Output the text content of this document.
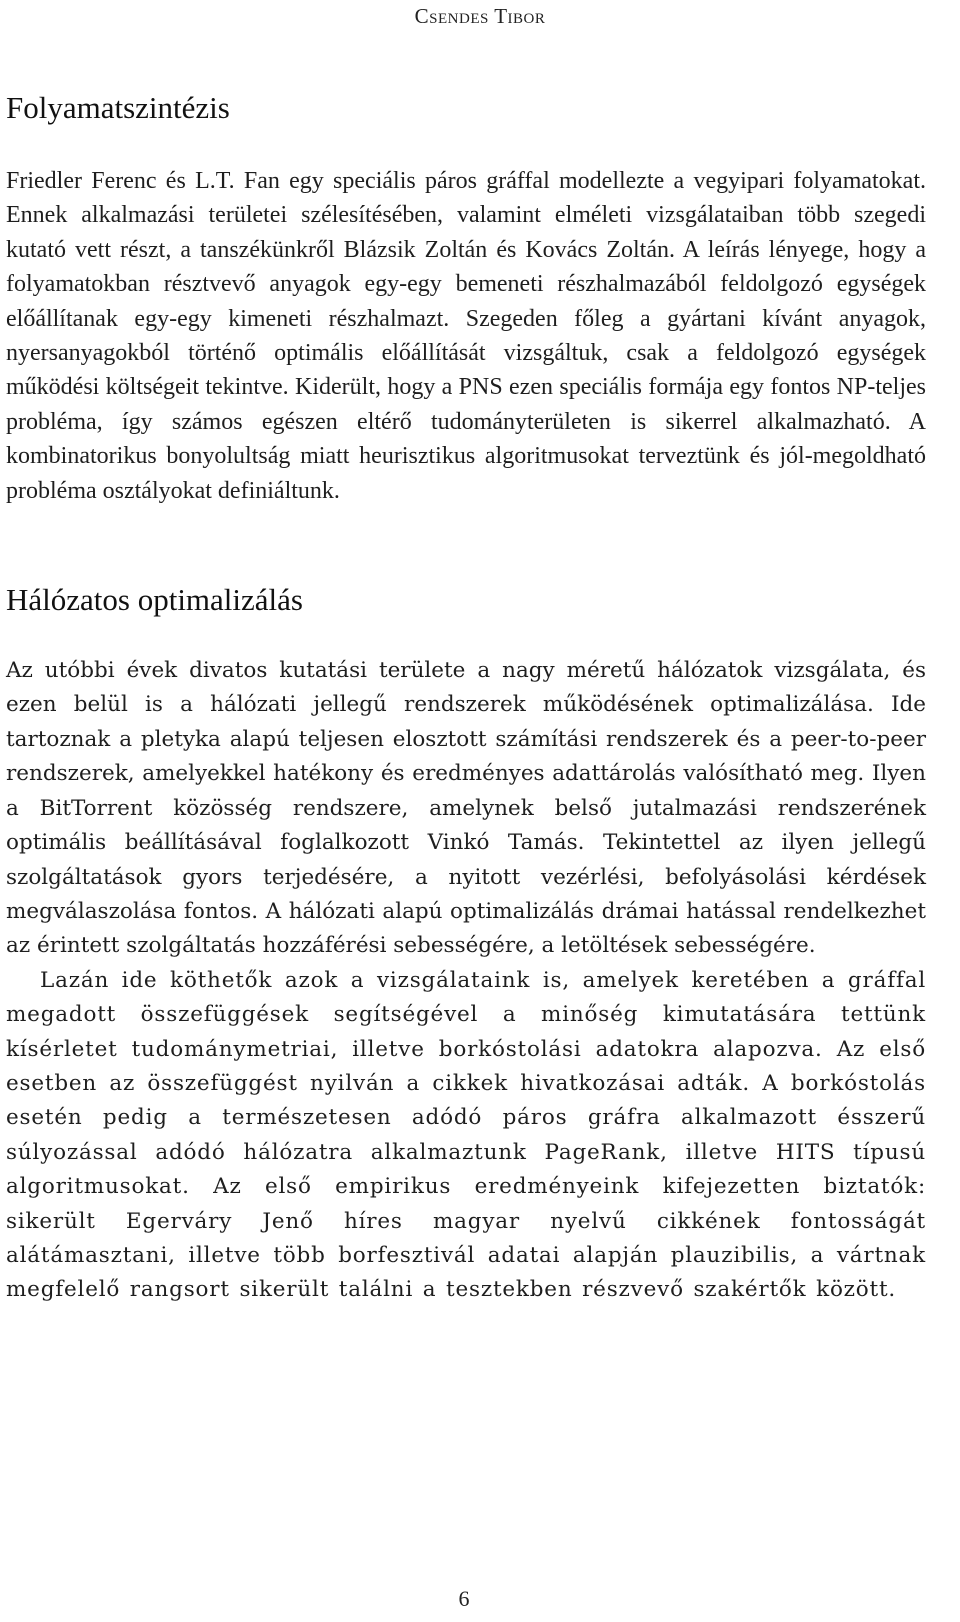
Csendes Tibor
Folyamatszintézis

Friedler Ferenc és L.T. Fan egy speciális páros gráffal modellezte a vegyipari folyamatokat. Ennek alkalmazási területei szélesítésében, valamint elméleti vizsgálataiban több szegedi kutató vett részt, a tanszékünkről Blázsik Zoltán és Kovács Zoltán. A leírás lényege, hogy a folyamatokban résztvevő anyagok egy-egy bemeneti részhalmazából feldolgozó egységek előállítanak egy-egy kimeneti részhalmazt. Szegeden főleg a gyártani kívánt anyagok, nyersanyagokból történő optimális előállítását vizsgáltuk, csak a feldolgozó egységek működési költségeit tekintve. Kiderült, hogy a PNS ezen speciális formája egy fontos NP-teljes probléma, így számos egészen eltérő tudományterületen is sikerrel alkalmazható. A kombinatorikus bonyolultság miatt heurisztikus algoritmusokat terveztünk és jól-megoldható probléma osztályokat definiáltunk.

Hálózatos optimalizálás

Az utóbbi évek divatos kutatási területe a nagy méretű hálózatok vizsgálata, és ezen belül is a hálózati jellegű rendszerek működésének optimalizálása. Ide tartoznak a pletyka alapú teljesen elosztott számítási rendszerek és a peer-to-peer rendszerek, amelyekkel hatékony és eredményes adattárolás valósítható meg. Ilyen a BitTorrent közösség rendszere, amelynek belső jutalmazási rendszerének optimális beállításával foglalkozott Vinkó Tamás. Tekintettel az ilyen jellegű szolgáltatások gyors terjedésére, a nyitott vezérlési, befolyásolási kérdések megválaszolása fontos. A hálózati alapú optimalizálás drámai hatással rendelkezhet az érintett szolgáltatás hozzáférési sebességére, a letöltések sebességére.

Lazán ide köthetők azok a vizsgálataink is, amelyek keretében a gráffal megadott összefüggések segítségével a minőség kimutatására tettünk kísérletet tudománymetriai, illetve borkóstolási adatokra alapozva. Az első esetben az összefüggést nyilván a cikkek hivatkozásai adták. A borkóstolás esetén pedig a természetesen adódó páros gráfra alkalmazott ésszerű súlyozással adódó hálózatra alkalmaztunk PageRank, illetve HITS típusú algoritmusokat. Az első empirikus eredményeink kifejezetten biztatók: sikerült Egerváry Jenő híres magyar nyelvű cikkének fontosságát alátámasztani, illetve több borfesztivál adatai alapján plauzibilis, a vártnak megfelelő rangsort sikerült találni a tesztekben részvevő szakértők között.

6
